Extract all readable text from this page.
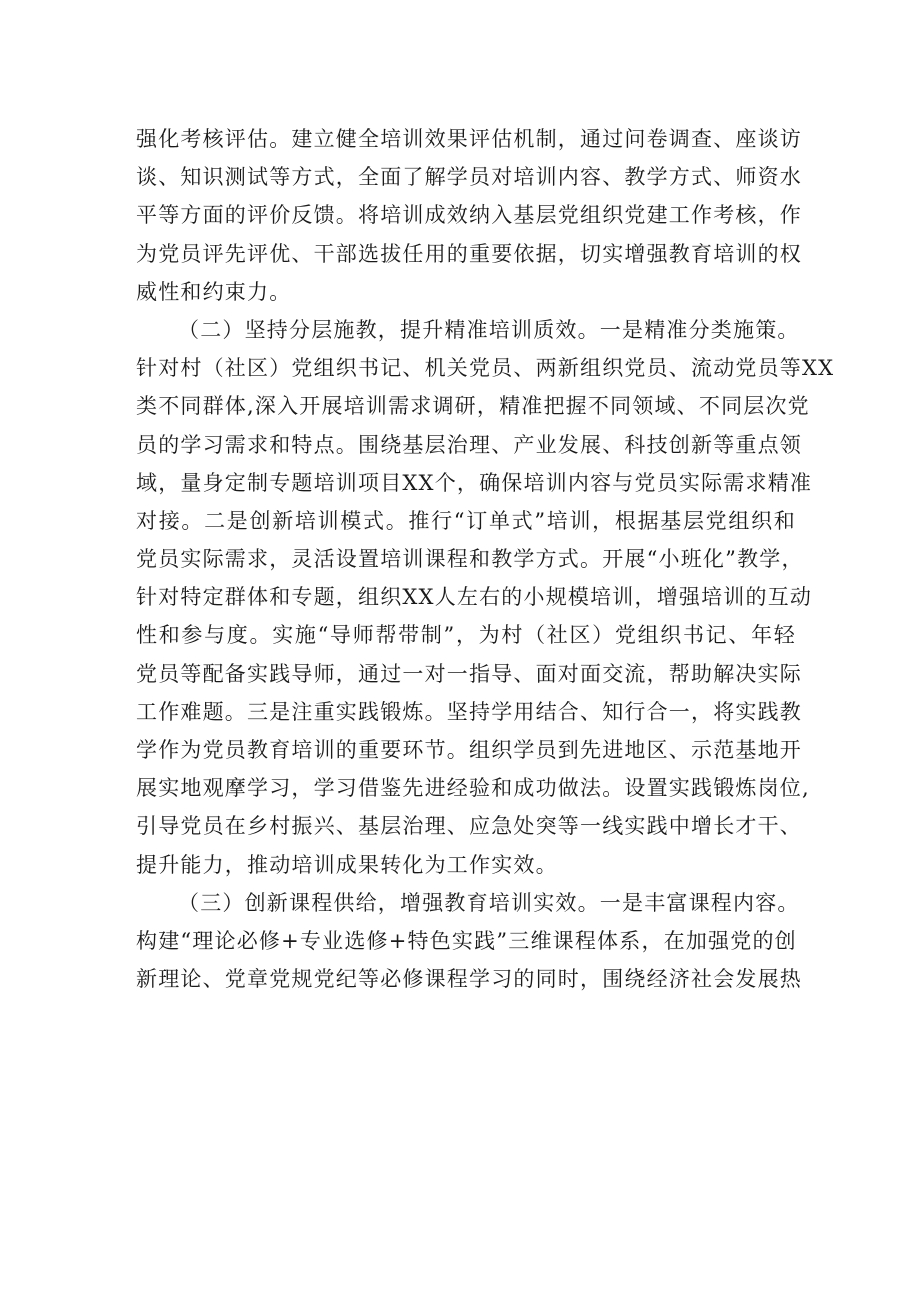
强化考核评估。建立健全培训效果评估机制，通过问卷调查、座谈访
谈、知识测试等方式，全面了解学员对培训内容、教学方式、师资水
平等方面的评价反馈。将培训成效纳入基层党组织党建工作考核，作
为党员评先评优、干部选拔任用的重要依据，切实增强教育培训的权
威性和约束力。
（二）坚持分层施教，提升精准培训质效。一是精准分类施策。
针对村（社区）党组织书记、机关党员、两新组织党员、流动党员等XX
类不同群体,深入开展培训需求调研，精准把握不同领域、不同层次党
员的学习需求和特点。围绕基层治理、产业发展、科技创新等重点领
域，量身定制专题培训项目XX个，确保培训内容与党员实际需求精准
对接。二是创新培训模式。推行“订单式”培训，根据基层党组织和
党员实际需求，灵活设置培训课程和教学方式。开展“小班化”教学，
针对特定群体和专题，组织XX人左右的小规模培训，增强培训的互动
性和参与度。实施“导师帮带制”，为村（社区）党组织书记、年轻
党员等配备实践导师，通过一对一指导、面对面交流，帮助解决实际
工作难题。三是注重实践锻炼。坚持学用结合、知行合一，将实践教
学作为党员教育培训的重要环节。组织学员到先进地区、示范基地开
展实地观摩学习，学习借鉴先进经验和成功做法。设置实践锻炼岗位,
引导党员在乡村振兴、基层治理、应急处突等一线实践中增长才干、
提升能力，推动培训成果转化为工作实效。
（三）创新课程供给，增强教育培训实效。一是丰富课程内容。
构建“理论必修+专业选修+特色实践”三维课程体系，在加强党的创
新理论、党章党规党纪等必修课程学习的同时，围绕经济社会发展热
